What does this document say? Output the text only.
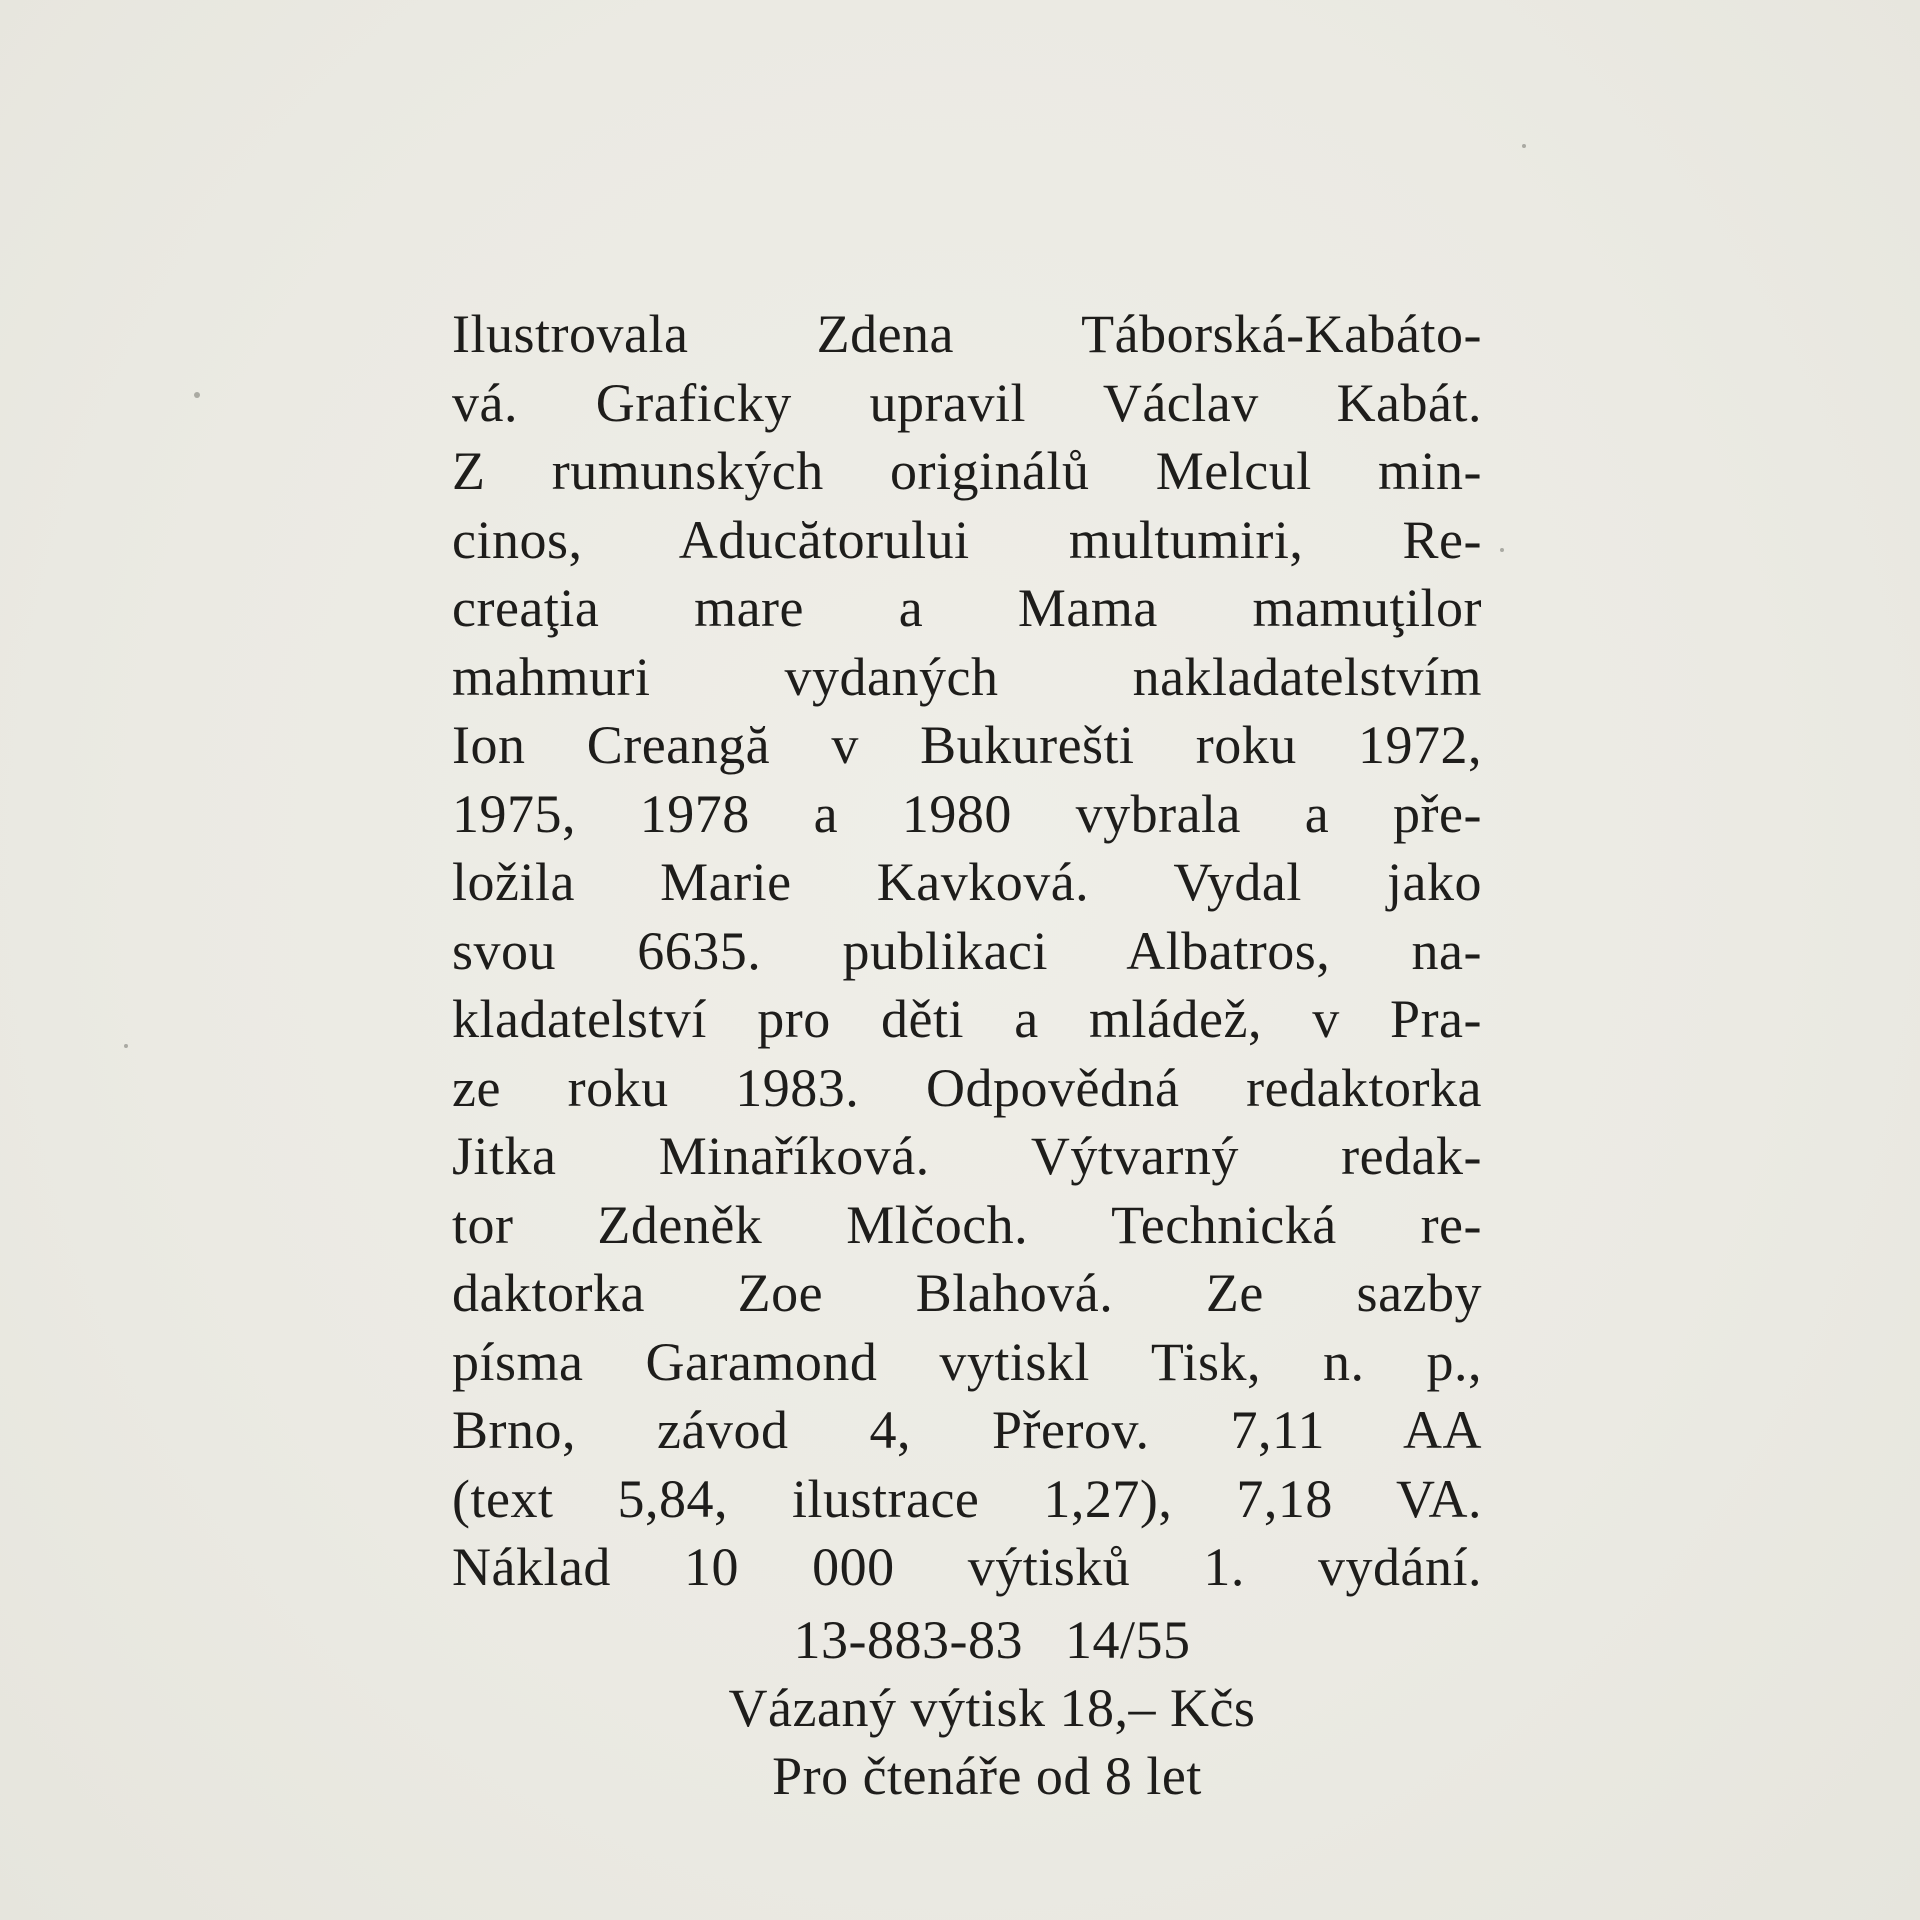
Ilustrovala Zdena Táborská-Kabáto-
vá. Graficky upravil Václav Kabát.
Z rumunských originálů Melcul min-
cinos, Aducătorului multumiri, Re-
creaţia mare a Mama mamuţilor
mahmuri vydaných nakladatelstvím
Ion Creangă v Bukurešti roku 1972,
1975, 1978 a 1980 vybrala a pře-
ložila Marie Kavková. Vydal jako
svou 6635. publikaci Albatros, na-
kladatelství pro děti a mládež, v Pra-
ze roku 1983. Odpovědná redaktorka
Jitka Minaříková. Výtvarný redak-
tor Zdeněk Mlčoch. Technická re-
daktorka Zoe Blahová. Ze sazby
písma Garamond vytiskl Tisk, n. p.,
Brno, závod 4, Přerov. 7,11 AA
(text 5,84, ilustrace 1,27), 7,18 VA.
Náklad 10 000 výtisků 1. vydání.
13-883-83   14/55
Vázaný výtisk 18,– Kčs
Pro čtenáře od 8 let
